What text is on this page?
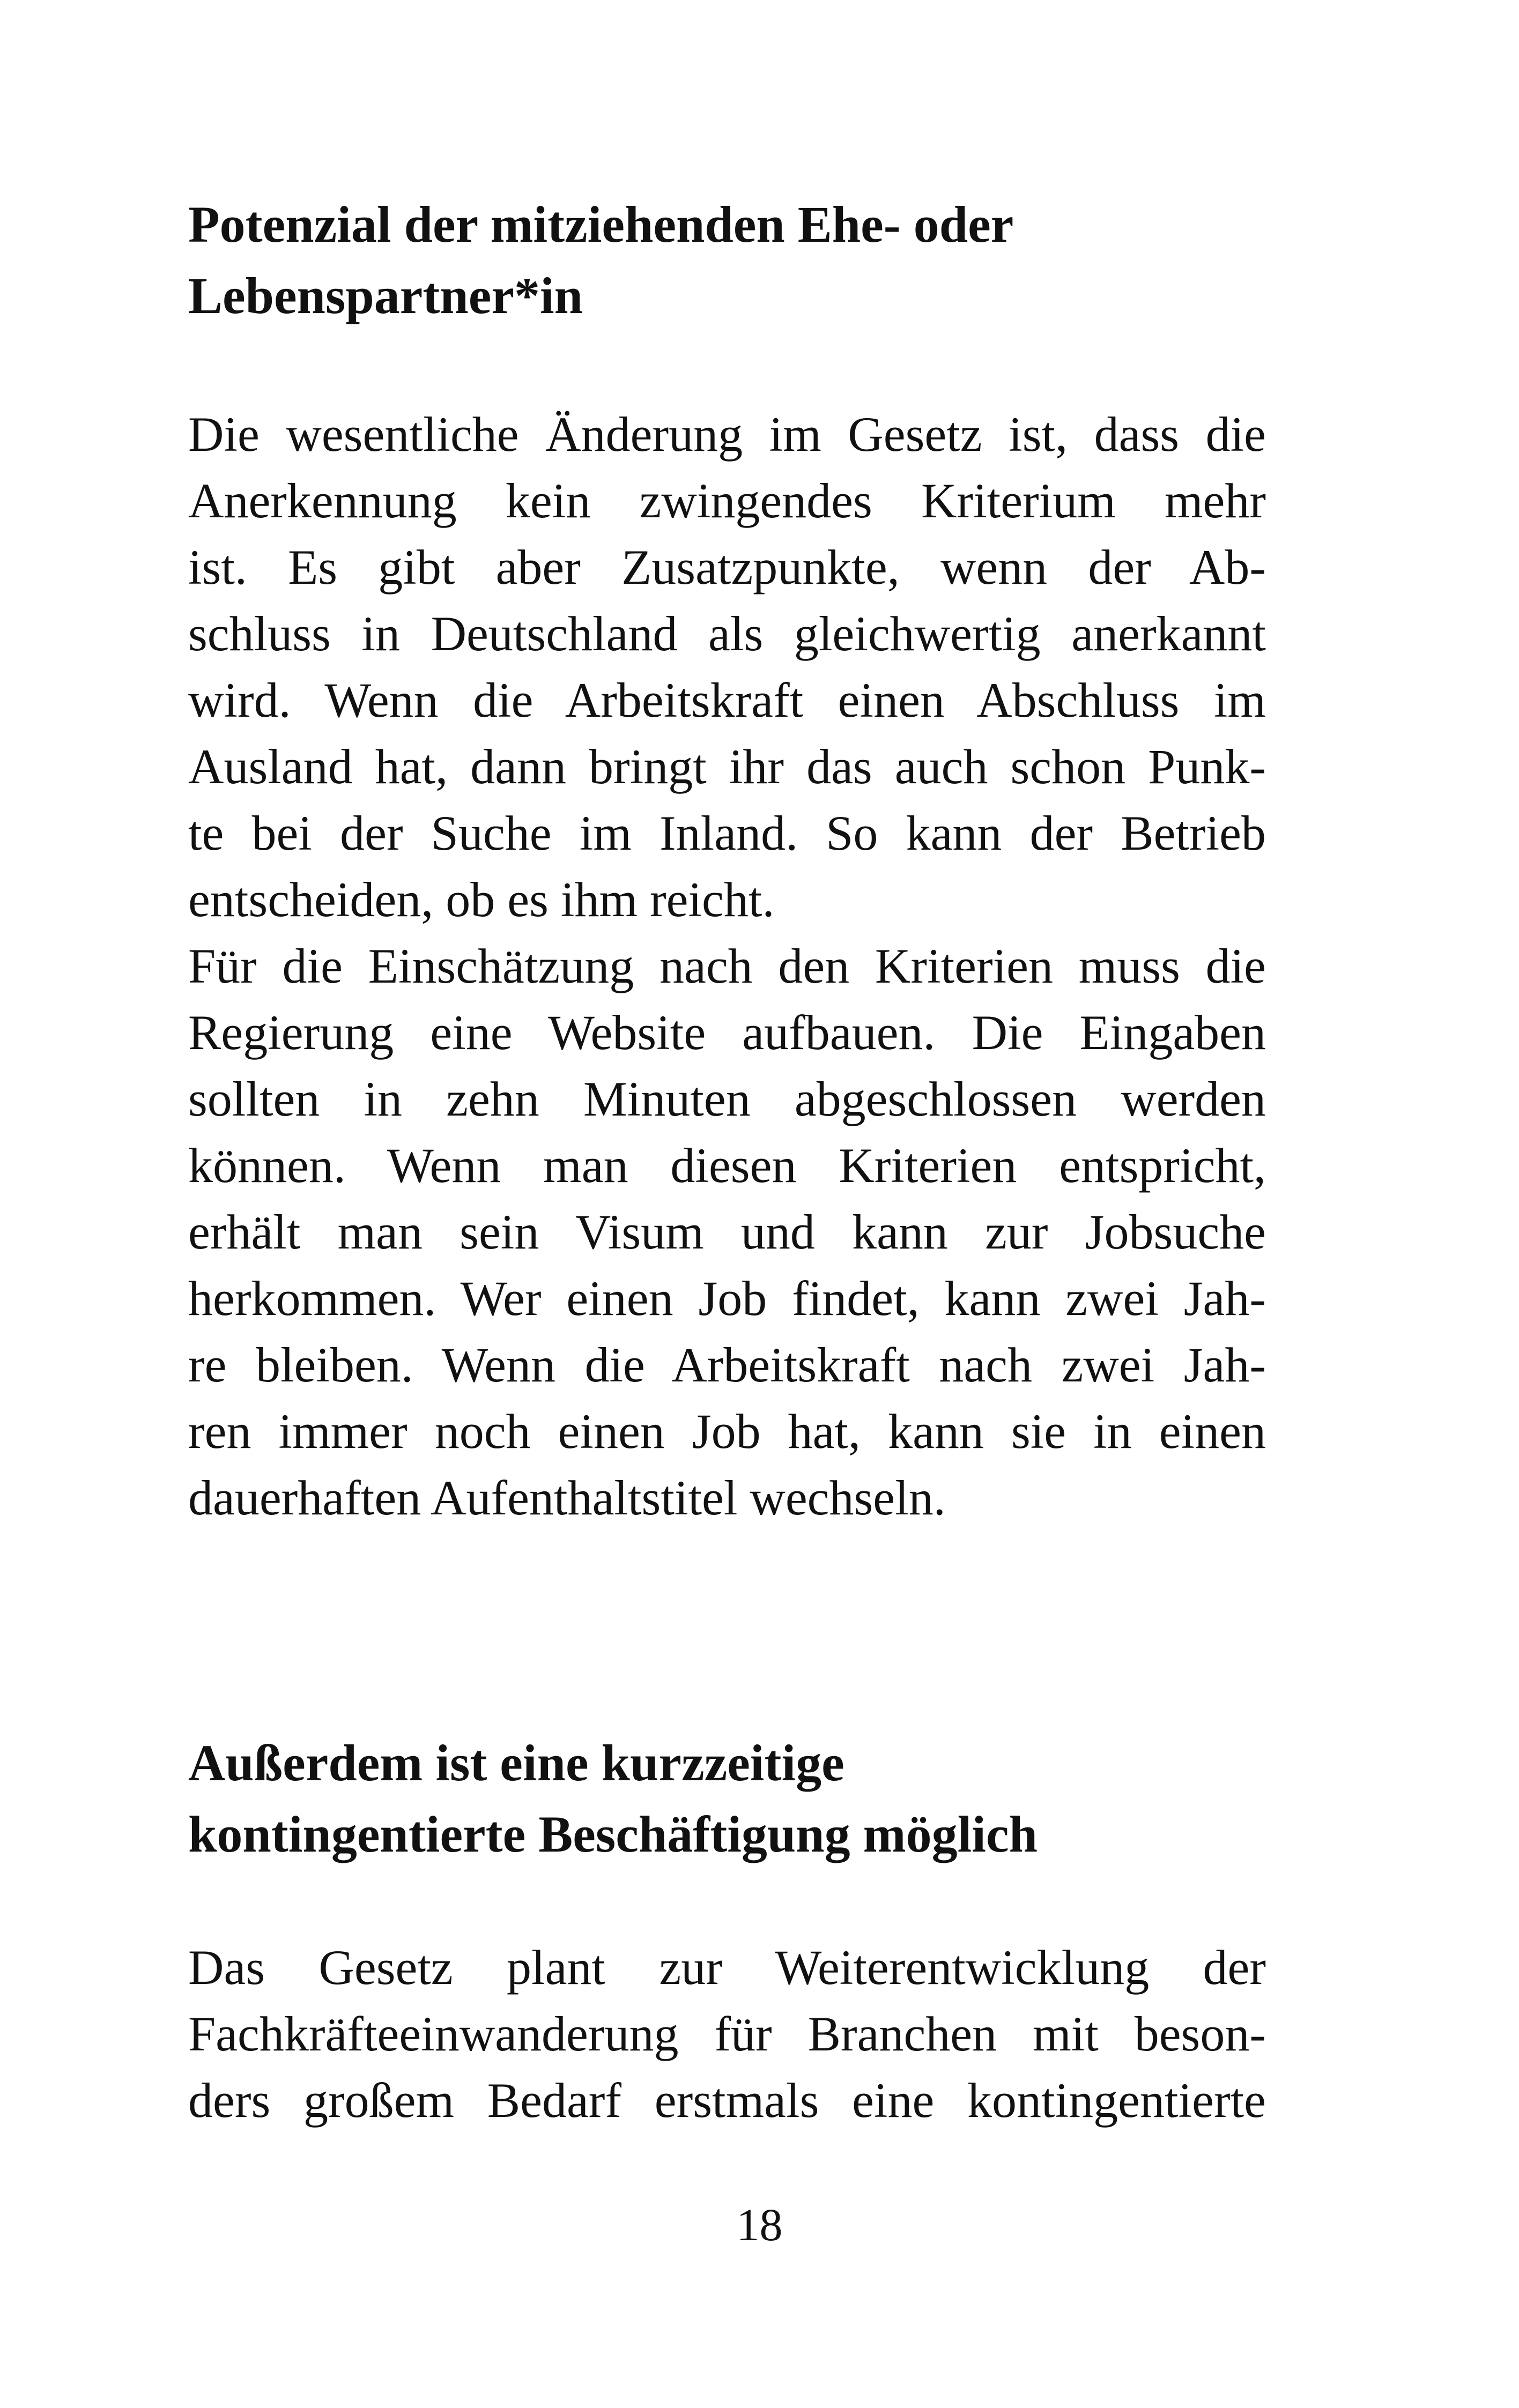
Potenzial der mitziehenden Ehe- oder
Lebenspartner*in
Die wesentliche Änderung im Gesetz ist, dass die
Anerkennung kein zwingendes Kriterium mehr
ist. Es gibt aber Zusatzpunkte, wenn der Ab-
schluss in Deutschland als gleichwertig anerkannt
wird. Wenn die Arbeitskraft einen Abschluss im
Ausland hat, dann bringt ihr das auch schon Punk-
te bei der Suche im Inland. So kann der Betrieb
entscheiden, ob es ihm reicht.
Für die Einschätzung nach den Kriterien muss die
Regierung eine Website aufbauen. Die Eingaben
sollten in zehn Minuten abgeschlossen werden
können. Wenn man diesen Kriterien entspricht,
erhält man sein Visum und kann zur Jobsuche
herkommen. Wer einen Job findet, kann zwei Jah-
re bleiben. Wenn die Arbeitskraft nach zwei Jah-
ren immer noch einen Job hat, kann sie in einen
dauerhaften Aufenthaltstitel wechseln.
Außerdem ist eine kurzzeitige
kontingentierte Beschäftigung möglich
Das Gesetz plant zur Weiterentwicklung der
Fachkräfteeinwanderung für Branchen mit beson-
ders großem Bedarf erstmals eine kontingentierte

18
